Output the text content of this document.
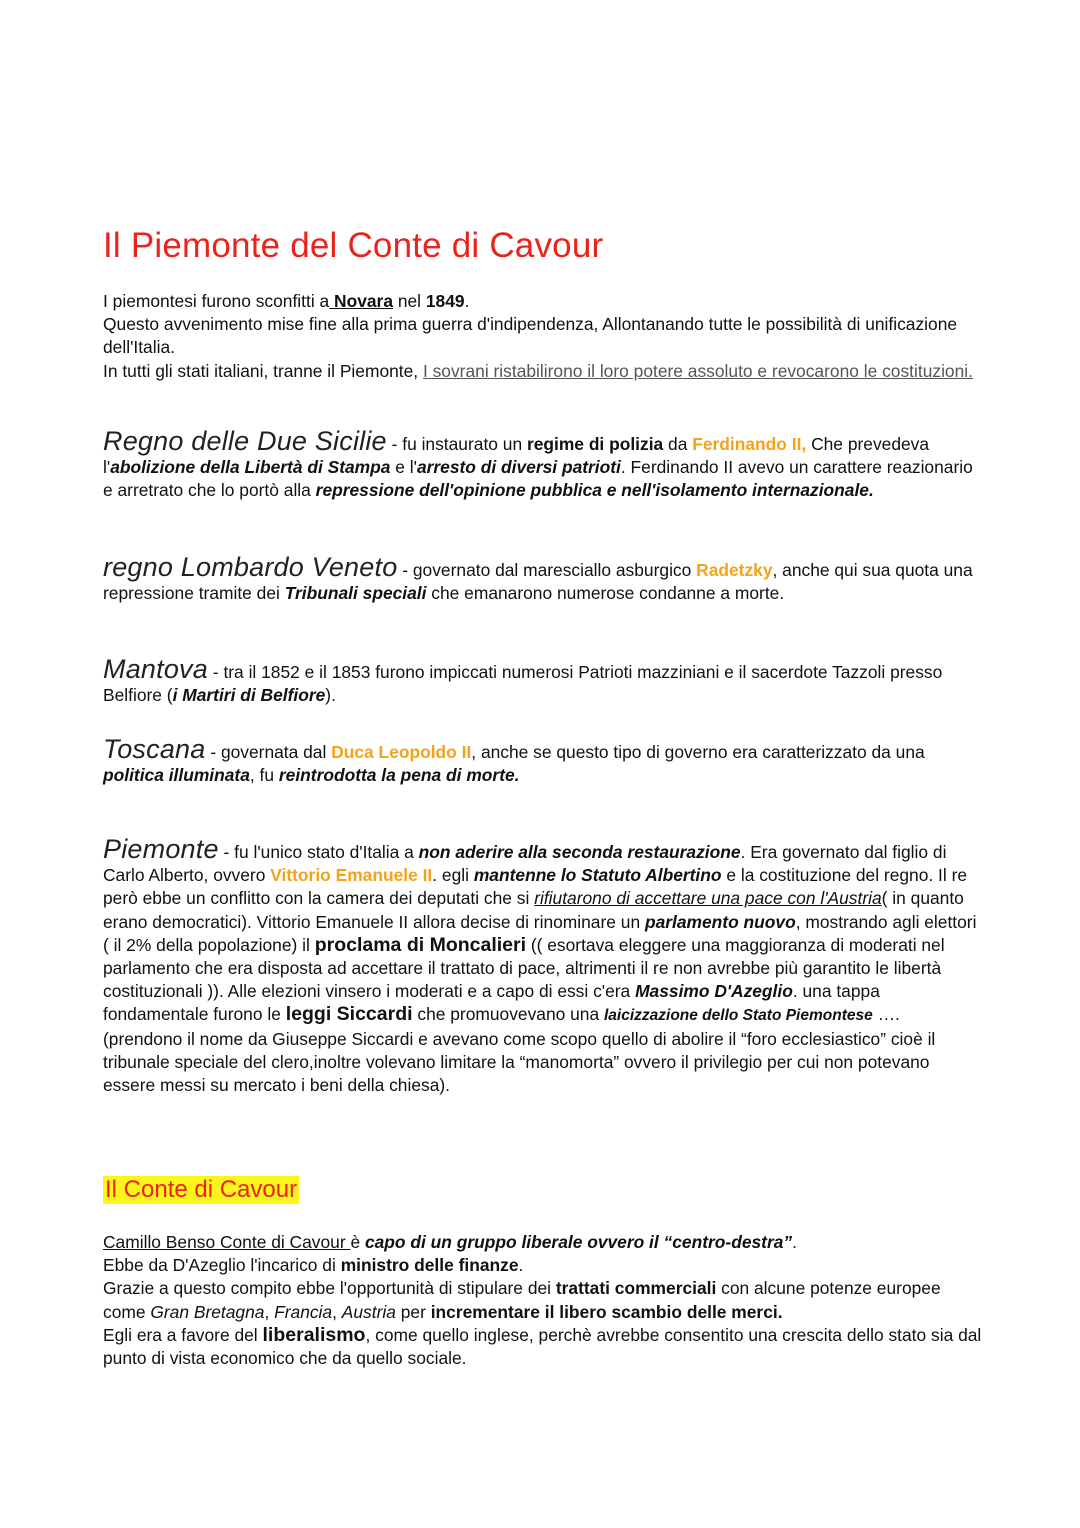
Il Piemonte del Conte di Cavour

I piemontesi furono sconfitti a Novara nel 1849.
Questo avvenimento mise fine alla prima guerra d'indipendenza, Allontanando tutte le possibilità di unificazione dell'Italia.
In tutti gli stati italiani, tranne il Piemonte, I sovrani ristabilirono il loro potere assoluto e revocarono le costituzioni.

Regno delle Due Sicilie - fu instaurato un regime di polizia da Ferdinando II, Che prevedeva l'abolizione della Libertà di Stampa e l'arresto di diversi patrioti. Ferdinando II avevo un carattere reazionario e arretrato che lo portò alla repressione dell'opinione pubblica e nell'isolamento internazionale.

regno Lombardo Veneto - governato dal maresciallo asburgico Radetzky, anche qui sua quota una repressione tramite dei Tribunali speciali che emanarono numerose condanne a morte.

Mantova - tra il 1852 e il 1853 furono impiccati numerosi Patrioti mazziniani e il sacerdote Tazzoli presso Belfiore (i Martiri di Belfiore).

Toscana - governata dal Duca Leopoldo II, anche se questo tipo di governo era caratterizzato da una politica illuminata, fu reintrodotta la pena di morte.

Piemonte - fu l'unico stato d'Italia a non aderire alla seconda restaurazione. Era governato dal figlio di Carlo Alberto, ovvero Vittorio Emanuele II. egli mantenne lo Statuto Albertino e la costituzione del regno. Il re però ebbe un conflitto con la camera dei deputati che si rifiutarono di accettare una pace con l'Austria( in quanto erano democratici). Vittorio Emanuele II allora decise di rinominare un parlamento nuovo, mostrando agli elettori ( il 2% della popolazione) il proclama di Moncalieri (( esortava eleggere una maggioranza di moderati nel parlamento che era disposta ad accettare il trattato di pace, altrimenti il re non avrebbe più garantito le libertà costituzionali )). Alle elezioni vinsero i moderati e a capo di essi c'era Massimo D'Azeglio. una tappa fondamentale furono le leggi Siccardi che promuovevano una laicizzazione dello Stato Piemontese …. (prendono il nome da Giuseppe Siccardi e avevano come scopo quello di abolire il “foro ecclesiastico” cioè il tribunale speciale del clero,inoltre volevano limitare la “manomorta” ovvero il privilegio per cui non potevano essere messi su mercato i beni della chiesa).

Il Conte di Cavour

Camillo Benso Conte di Cavour è capo di un gruppo liberale ovvero il “centro-destra”.
Ebbe da D'Azeglio l'incarico di ministro delle finanze.
Grazie a questo compito ebbe l'opportunità di stipulare dei trattati commerciali con alcune potenze europee come Gran Bretagna, Francia, Austria per incrementare il libero scambio delle merci.
Egli era a favore del liberalismo, come quello inglese, perchè avrebbe consentito una crescita dello stato sia dal punto di vista economico che da quello sociale.
